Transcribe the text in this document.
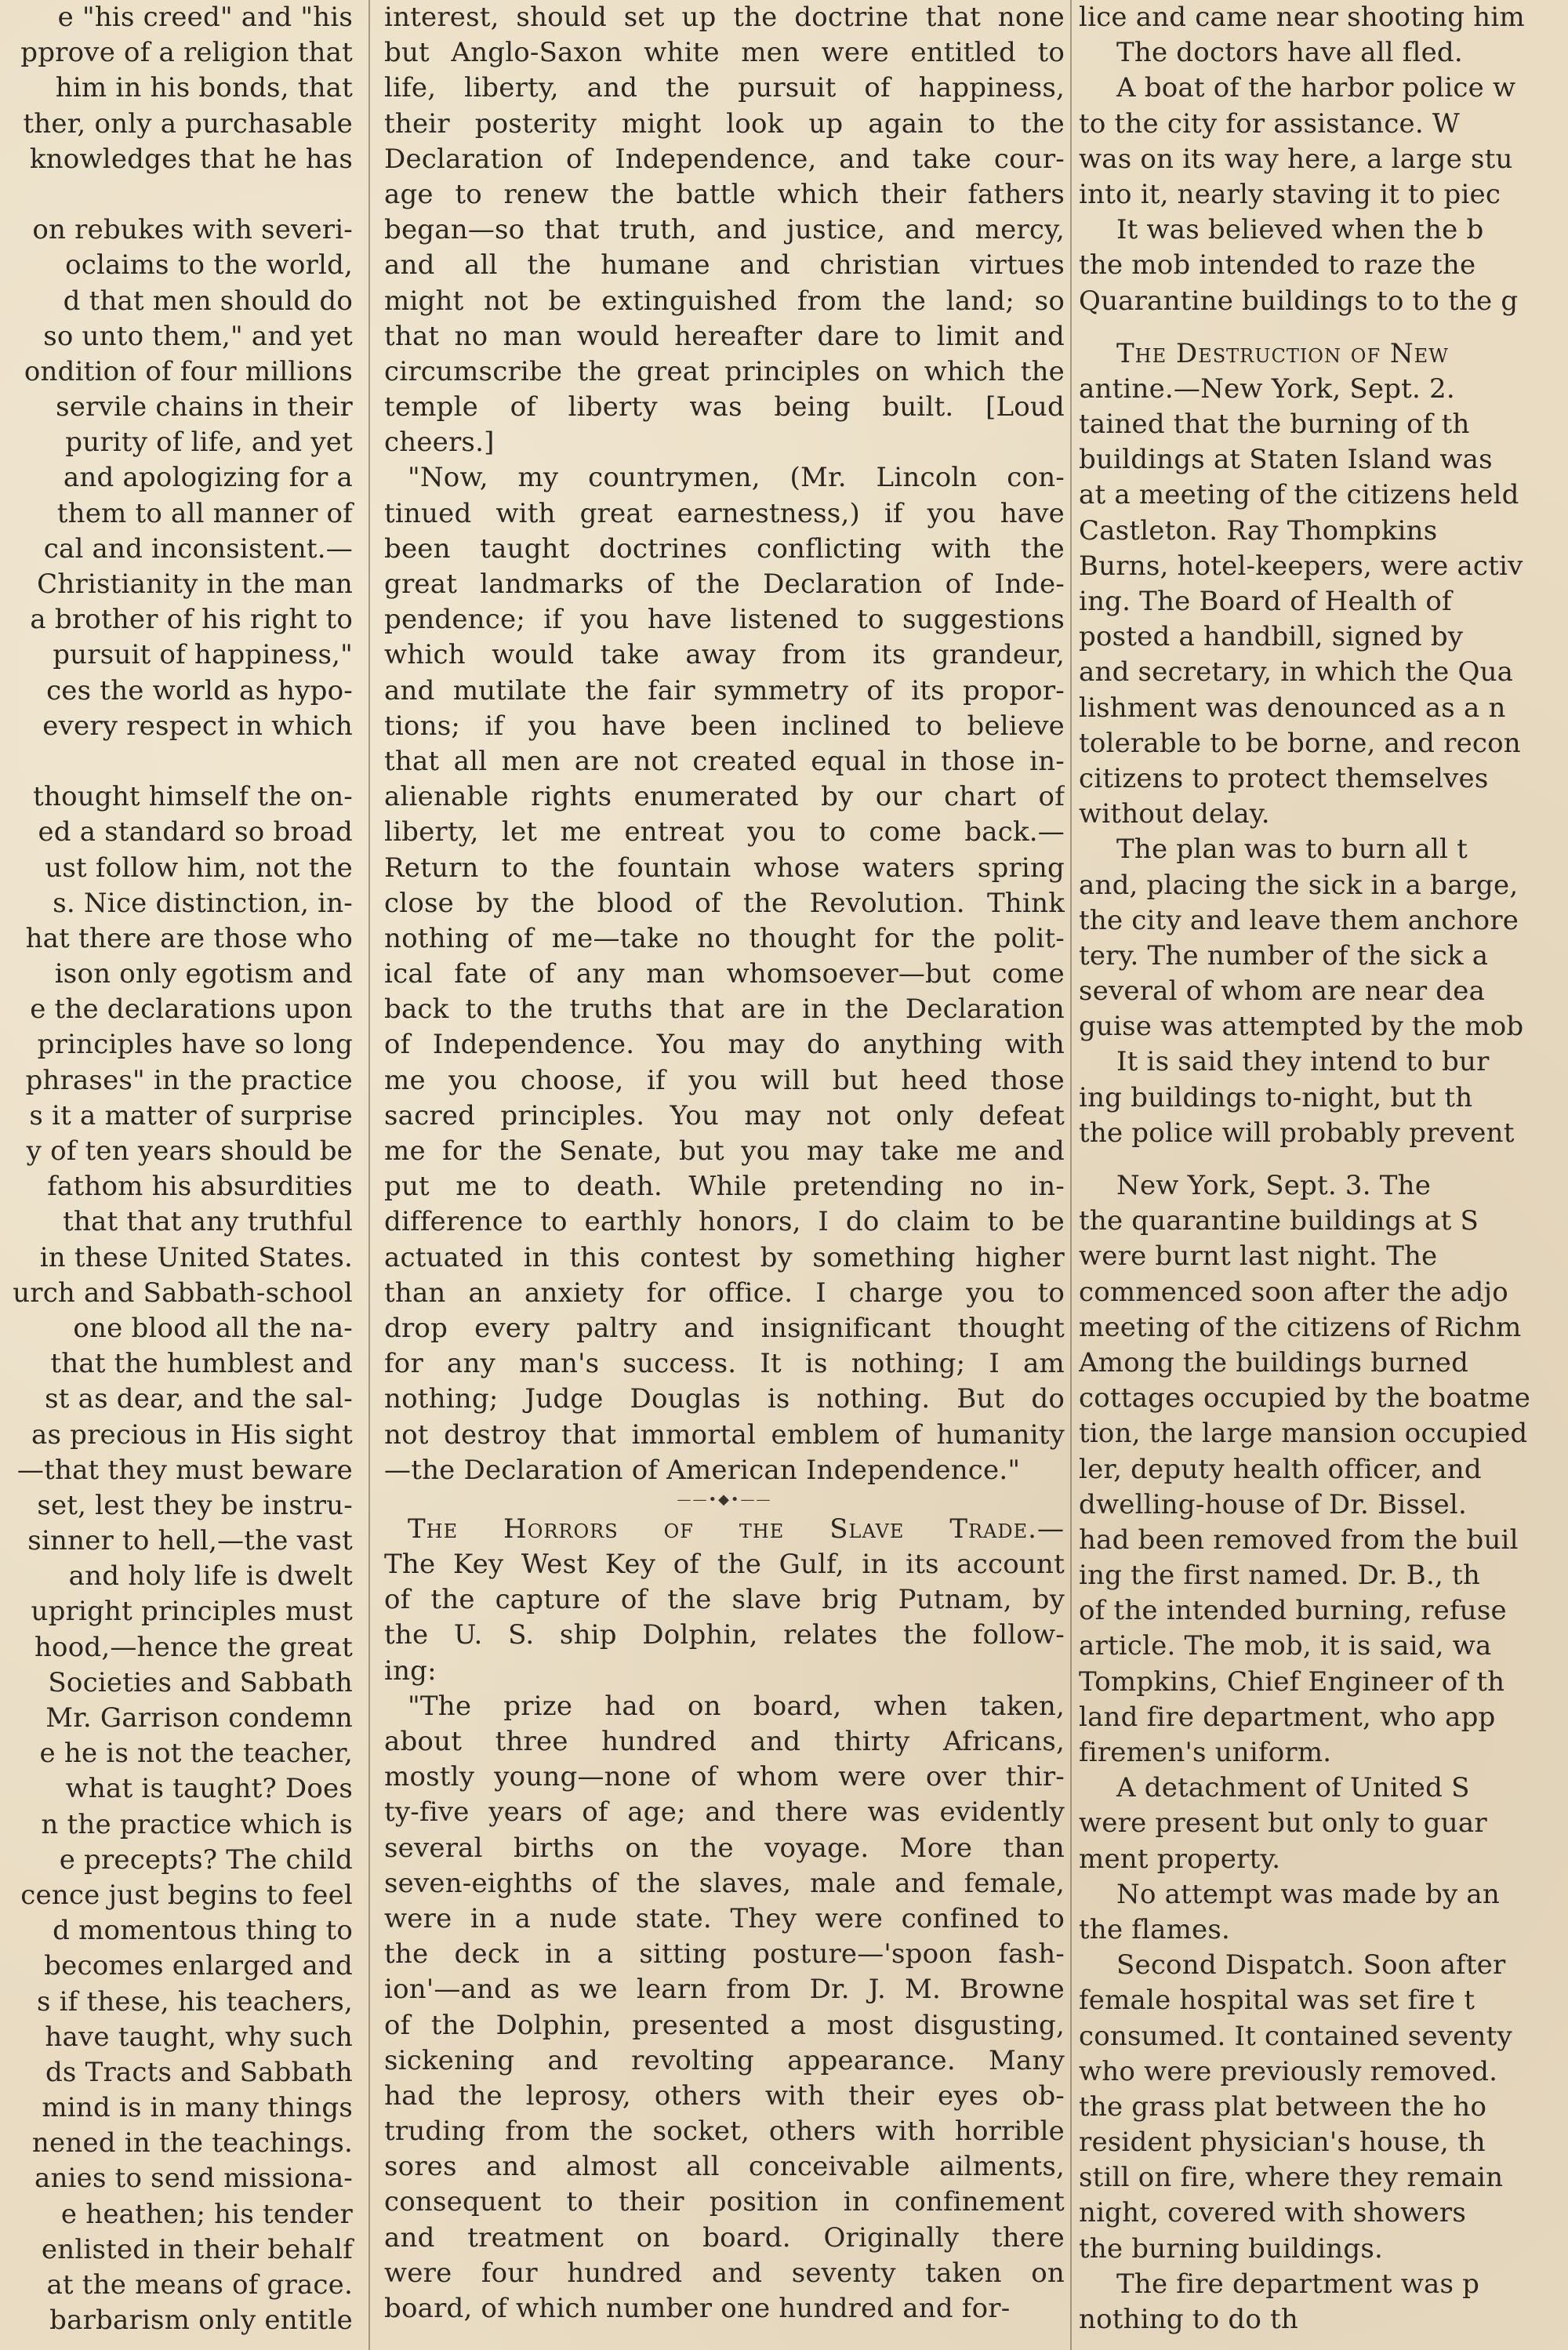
e "his creed" and "his
pprove of a religion that
him in his bonds, that
ther, only a purchasable
knowledges that he has
on rebukes with severi-
oclaims to the world,
d that men should do
so unto them," and yet
ondition of four millions
servile chains in their
purity of life, and yet
and apologizing for a
them to all manner of
cal and inconsistent.—
Christianity in the man
a brother of his right to
pursuit of happiness,"
ces the world as hypo-
every respect in which
thought himself the on-
ed a standard so broad
ust follow him, not the
s. Nice distinction, in-
hat there are those who
ison only egotism and
e the declarations upon
principles have so long
phrases" in the practice
s it a matter of surprise
y of ten years should be
fathom his absurdities
that that any truthful
in these United States.
urch and Sabbath-school
one blood all the na-
that the humblest and
st as dear, and the sal-
as precious in His sight
—that they must beware
set, lest they be instru-
sinner to hell,—the vast
and holy life is dwelt
upright principles must
hood,—hence the great
Societies and Sabbath
Mr. Garrison condemn
e he is not the teacher,
what is taught? Does
n the practice which is
e precepts? The child
cence just begins to feel
d momentous thing to
becomes enlarged and
s if these, his teachers,
have taught, why such
ds Tracts and Sabbath
mind is in many things
nened in the teachings.
anies to send missiona-
e heathen; his tender
enlisted in their behalf
at the means of grace.
barbarism only entitle
interest, should set up the doctrine that none
but Anglo-Saxon white men were entitled to
life, liberty, and the pursuit of happiness,
their posterity might look up again to the
Declaration of Independence, and take cour-
age to renew the battle which their fathers
began—so that truth, and justice, and mercy,
and all the humane and christian virtues
might not be extinguished from the land; so
that no man would hereafter dare to limit and
circumscribe the great principles on which the
temple of liberty was being built. [Loud
cheers.]
"Now, my countrymen, (Mr. Lincoln con-
tinued with great earnestness,) if you have
been taught doctrines conflicting with the
great landmarks of the Declaration of Inde-
pendence; if you have listened to suggestions
which would take away from its grandeur,
and mutilate the fair symmetry of its propor-
tions; if you have been inclined to believe
that all men are not created equal in those in-
alienable rights enumerated by our chart of
liberty, let me entreat you to come back.—
Return to the fountain whose waters spring
close by the blood of the Revolution. Think
nothing of me—take no thought for the polit-
ical fate of any man whomsoever—but come
back to the truths that are in the Declaration
of Independence. You may do anything with
me you choose, if you will but heed those
sacred principles. You may not only defeat
me for the Senate, but you may take me and
put me to death. While pretending no in-
difference to earthly honors, I do claim to be
actuated in this contest by something higher
than an anxiety for office. I charge you to
drop every paltry and insignificant thought
for any man's success. It is nothing; I am
nothing; Judge Douglas is nothing. But do
not destroy that immortal emblem of humanity
—the Declaration of American Independence."
——•◆•——
The Horrors of the Slave Trade.—
The Key West Key of the Gulf, in its account
of the capture of the slave brig Putnam, by
the U. S. ship Dolphin, relates the follow-
ing:
"The prize had on board, when taken,
about three hundred and thirty Africans,
mostly young—none of whom were over thir-
ty-five years of age; and there was evidently
several births on the voyage. More than
seven-eighths of the slaves, male and female,
were in a nude state. They were confined to
the deck in a sitting posture—'spoon fash-
ion'—and as we learn from Dr. J. M. Browne
of the Dolphin, presented a most disgusting,
sickening and revolting appearance. Many
had the leprosy, others with their eyes ob-
truding from the socket, others with horrible
sores and almost all conceivable ailments,
consequent to their position in confinement
and treatment on board. Originally there
were four hundred and seventy taken on
board, of which number one hundred and for-
lice and came near shooting him
The doctors have all fled.
A boat of the harbor police w
to the city for assistance. W
was on its way here, a large stu
into it, nearly staving it to piec
It was believed when the b
the mob intended to raze the
Quarantine buildings to to the g
The Destruction of New
antine.—New York, Sept. 2.
tained that the burning of th
buildings at Staten Island was
at a meeting of the citizens held
Castleton. Ray Thompkins
Burns, hotel-keepers, were activ
ing. The Board of Health of
posted a handbill, signed by
and secretary, in which the Qua
lishment was denounced as a n
tolerable to be borne, and recon
citizens to protect themselves
without delay.
The plan was to burn all t
and, placing the sick in a barge,
the city and leave them anchore
tery. The number of the sick a
several of whom are near dea
guise was attempted by the mob
It is said they intend to bur
ing buildings to-night, but th
the police will probably prevent
New York, Sept. 3. The
the quarantine buildings at S
were burnt last night. The
commenced soon after the adjo
meeting of the citizens of Richm
Among the buildings burned
cottages occupied by the boatme
tion, the large mansion occupied
ler, deputy health officer, and
dwelling-house of Dr. Bissel.
had been removed from the buil
ing the first named. Dr. B., th
of the intended burning, refuse
article. The mob, it is said, wa
Tompkins, Chief Engineer of th
land fire department, who app
firemen's uniform.
A detachment of United S
were present but only to guar
ment property.
No attempt was made by an
the flames.
Second Dispatch. Soon after
female hospital was set fire t
consumed. It contained seventy
who were previously removed.
the grass plat between the ho
resident physician's house, th
still on fire, where they remain
night, covered with showers
the burning buildings.
The fire department was p
nothing to do th
